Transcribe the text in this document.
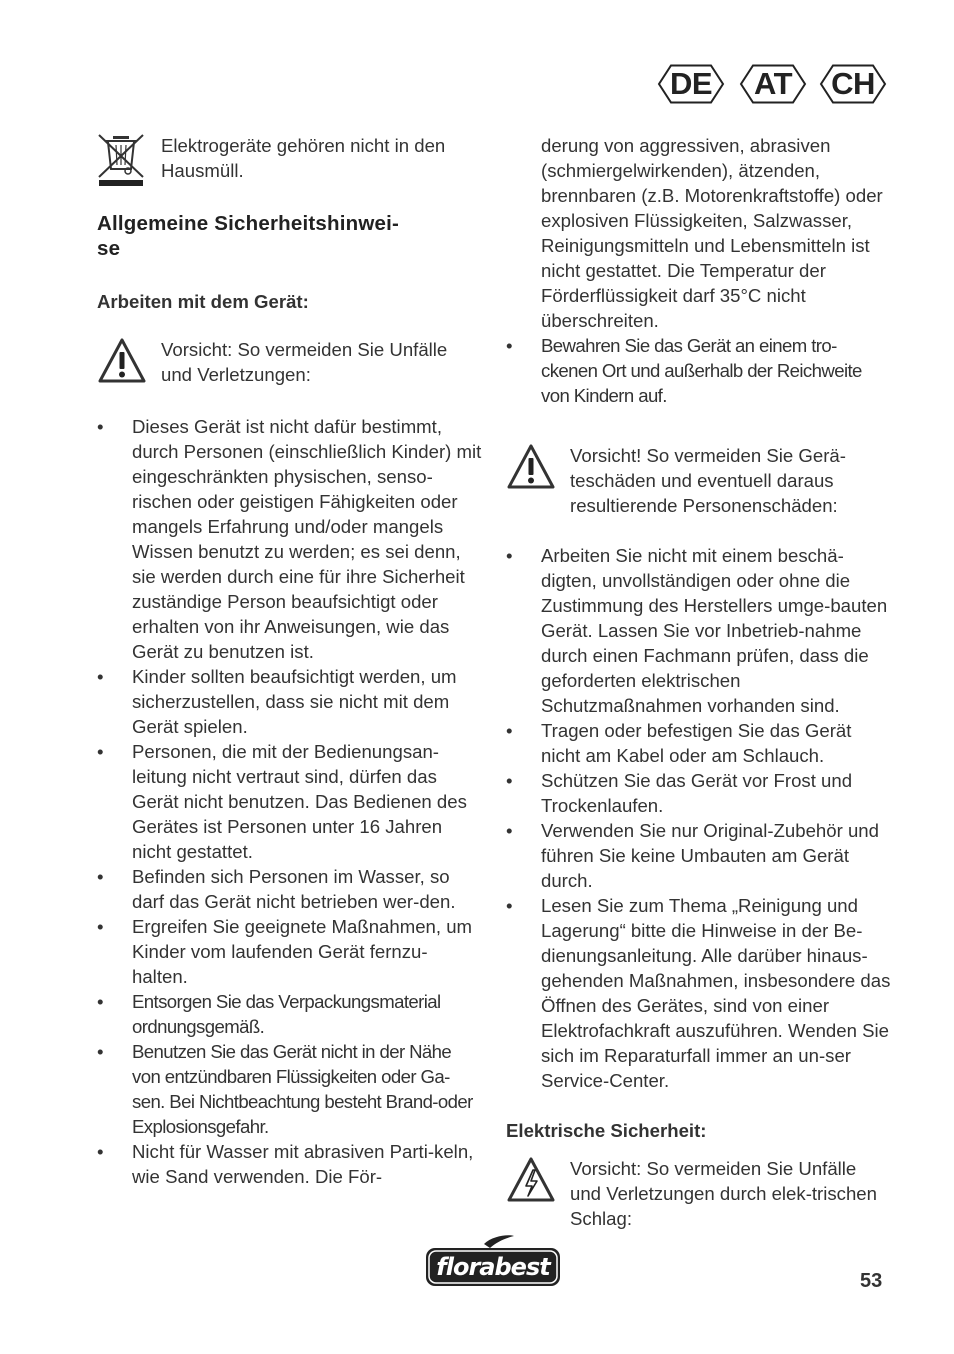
DE	AT	CH
Elektrogeräte gehören nicht in den Hausmüll.
Allgemeine Sicherheitshinwei-
se
Arbeiten mit dem Gerät:
Vorsicht: So vermeiden Sie Unfälle und Verletzungen:
• Dieses Gerät ist nicht dafür bestimmt, durch Personen (einschließlich Kinder) mit eingeschränkten physischen, senso-rischen oder geistigen Fähigkeiten oder mangels Erfahrung und/oder mangels Wissen benutzt zu werden; es sei denn, sie werden durch eine für ihre Sicherheit zuständige Person beaufsichtigt oder erhalten von ihr Anweisungen, wie das Gerät zu benutzen ist.
• Kinder sollten beaufsichtigt werden, um sicherzustellen, dass sie nicht mit dem Gerät spielen.
• Personen, die mit der Bedienungsan-leitung nicht vertraut sind, dürfen das Gerät nicht benutzen. Das Bedienen des Gerätes ist Personen unter 16 Jahren nicht gestattet.
• Befinden sich Personen im Wasser, so darf das Gerät nicht betrieben wer-den.
• Ergreifen Sie geeignete Maßnahmen, um Kinder vom laufenden Gerät fernzu-halten.
• Entsorgen Sie das Verpackungsmaterial ordnungsgemäß.
• Benutzen Sie das Gerät nicht in der Nähe von entzündbaren Flüssigkeiten oder Ga-sen. Bei Nichtbeachtung besteht Brand-oder Explosionsgefahr.
• Nicht für Wasser mit abrasiven Parti-keln, wie Sand verwenden. Die För-
derung von aggressiven, abrasiven (schmiergelwirkenden), ätzenden, brennbaren (z.B. Motorenkraftstoffe) oder explosiven Flüssigkeiten, Salzwasser, Reinigungsmitteln und Lebensmitteln ist nicht gestattet. Die Temperatur der Förderflüssigkeit darf 35°C nicht überschreiten.
• Bewahren Sie das Gerät an einem tro-ckenen Ort und außerhalb der Reichweite von Kindern auf.
Vorsicht! So vermeiden Sie Gerä-teschäden und eventuell daraus resultierende Personenschäden:
• Arbeiten Sie nicht mit einem beschä-digten, unvollständigen oder ohne die Zustimmung des Herstellers umge-bauten Gerät. Lassen Sie vor Inbetrieb-nahme durch einen Fachmann prüfen, dass die geforderten elektrischen Schutzmaßnahmen vorhanden sind.
• Tragen oder befestigen Sie das Gerät nicht am Kabel oder am Schlauch.
• Schützen Sie das Gerät vor Frost und Trockenlaufen.
• Verwenden Sie nur Original-Zubehör und führen Sie keine Umbauten am Gerät durch.
• Lesen Sie zum Thema „Reinigung und Lagerung“ bitte die Hinweise in der Be-dienungsanleitung. Alle darüber hinaus-gehenden Maßnahmen, insbesondere das Öffnen des Gerätes, sind von einer Elektrofachkraft auszuführen. Wenden Sie sich im Reparaturfall immer an un-ser Service-Center.
Elektrische Sicherheit:
Vorsicht: So vermeiden Sie Unfälle und Verletzungen durch elek-trischen Schlag:
florabest	53
